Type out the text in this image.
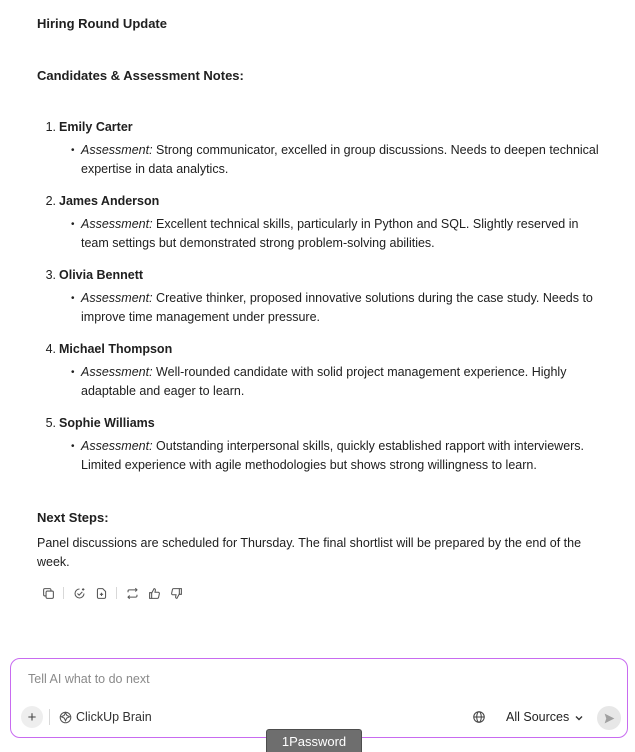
Hiring Round Update

Candidates & Assessment Notes:

1. Emily Carter
• Assessment: Strong communicator, excelled in group discussions. Needs to deepen technical expertise in data analytics.
2. James Anderson
• Assessment: Excellent technical skills, particularly in Python and SQL. Slightly reserved in team settings but demonstrated strong problem-solving abilities.
3. Olivia Bennett
• Assessment: Creative thinker, proposed innovative solutions during the case study. Needs to improve time management under pressure.
4. Michael Thompson
• Assessment: Well-rounded candidate with solid project management experience. Highly adaptable and eager to learn.
5. Sophie Williams
• Assessment: Outstanding interpersonal skills, quickly established rapport with interviewers. Limited experience with agile methodologies but shows strong willingness to learn.

Next Steps:

Panel discussions are scheduled for Thursday. The final shortlist will be prepared by the end of the week.

Tell AI what to do next
+	ClickUp Brain	All Sources
1Password
